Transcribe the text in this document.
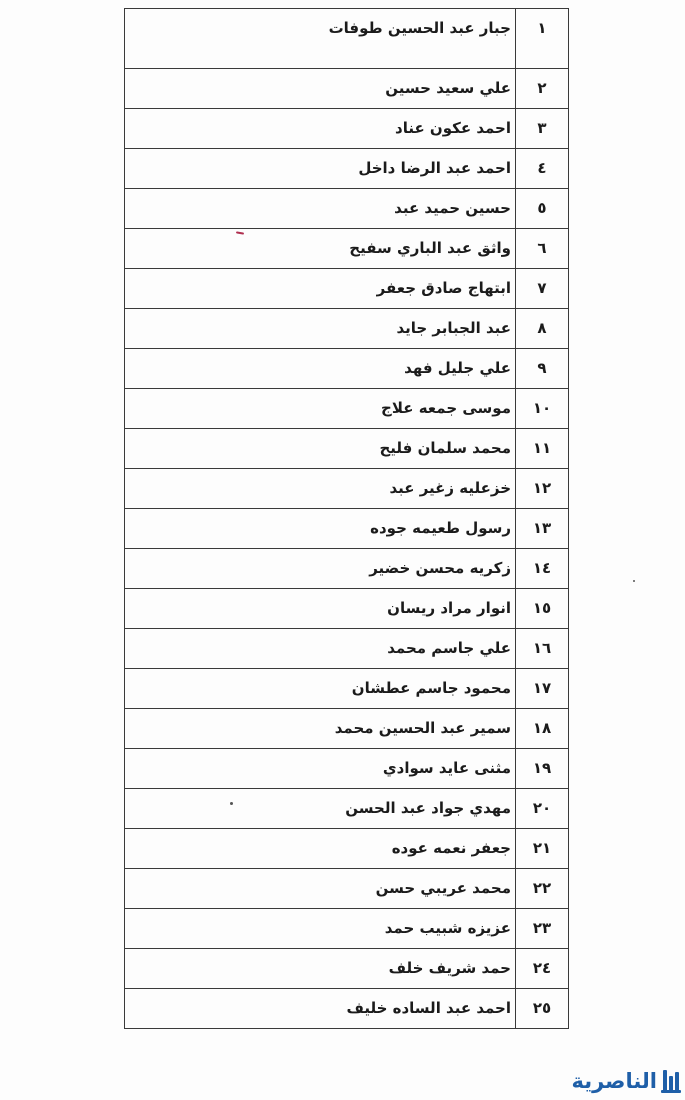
١	جبار عبد الحسين طوفات
٢	علي سعيد حسين
٣	احمد عكون عناد
٤	احمد عبد الرضا داخل
٥	حسين حميد عبد
٦	واثق عبد الباري سفيح
٧	ابتهاج صادق جعفر
٨	عبد الجبابر جايد
٩	علي جليل فهد
١٠	موسى جمعه علاج
١١	محمد سلمان فليح
١٢	خزعليه زغير عبد
١٣	رسول طعيمه جوده
١٤	زكريه محسن خضير
١٥	انوار مراد ريسان
١٦	علي جاسم محمد
١٧	محمود جاسم عطشان
١٨	سمير عبد الحسين محمد
١٩	مثنى عايد سوادي
٢٠	مهدي جواد عبد الحسن
٢١	جعفر نعمه عوده
٢٢	محمد عريبي حسن
٢٣	عزيزه شبيب حمد
٢٤	حمد شريف خلف
٢٥	احمد عبد الساده خليف
الناصرية
